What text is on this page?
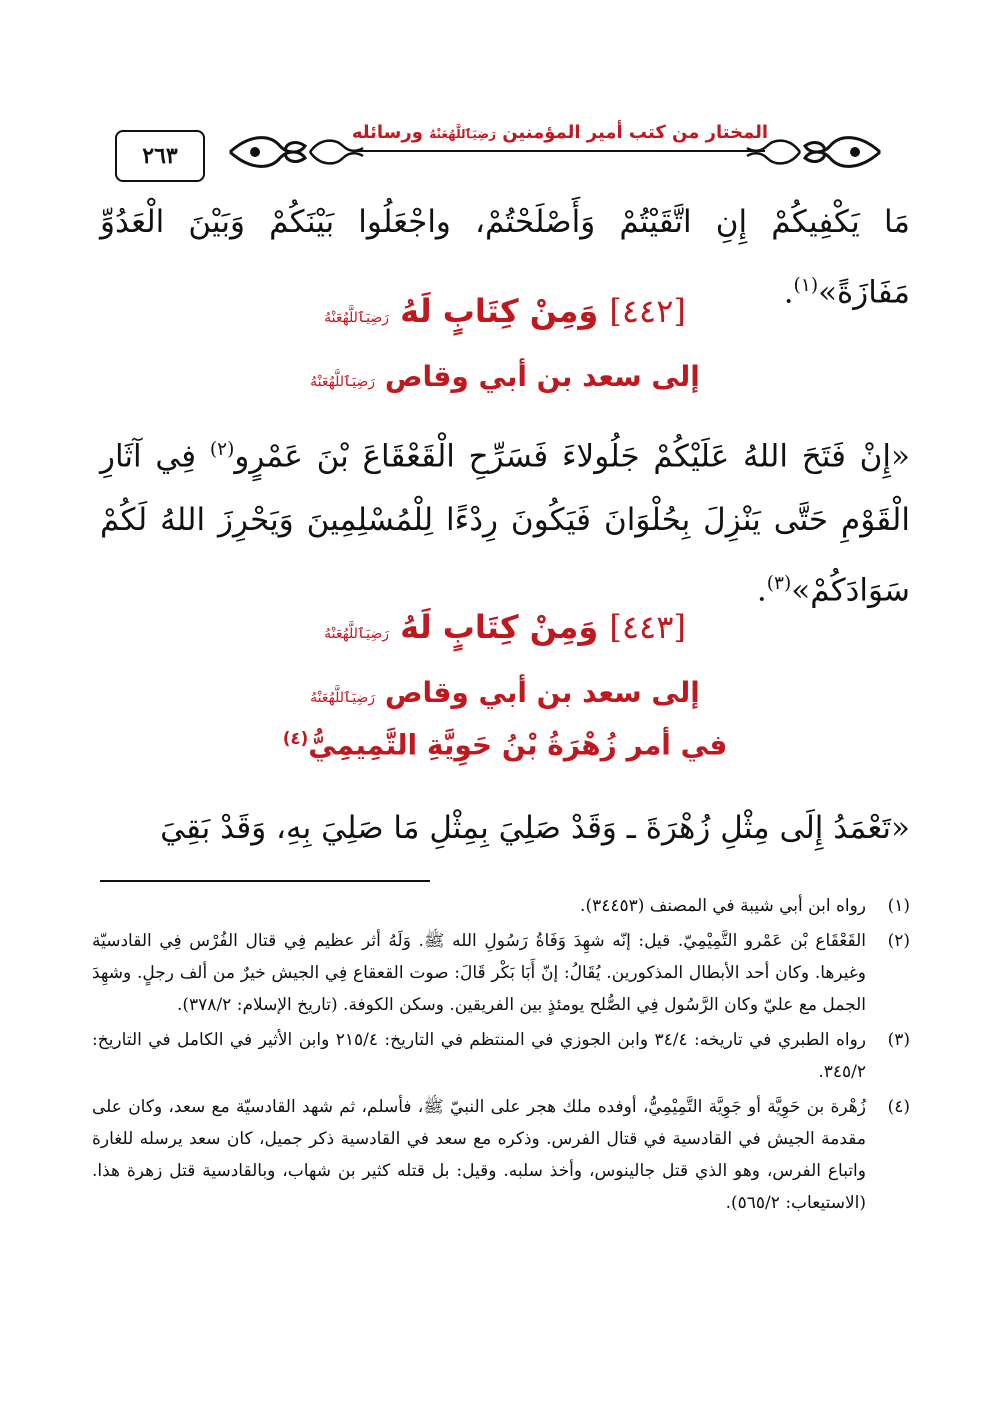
٢٦٣
المختار من كتب أمير المؤمنين رَضِيَٱللَّهُعَنْهُ ورسائله
مَا يَكْفِيكُمْ إِنِ اتَّقَيْتُمْ وَأَصْلَحْتُمْ، واجْعَلُوا بَيْنَكُمْ وَبَيْنَ الْعَدُوِّ مَفَازَةً»$^{(١)}$.
[٤٤٢] وَمِنْ كِتَابٍ لَهُ رَضِيَٱللَّهُعَنْهُ
إلى سعد بن أبي وقاص رَضِيَٱللَّهُعَنْهُ
«إِنْ فَتَحَ اللهُ عَلَيْكُمْ جَلُولاءَ فَسَرِّحِ الْقَعْقَاعَ بْنَ عَمْرٍو$^{(٢)}$ فِي آثَارِ الْقَوْمِ حَتَّى يَنْزِلَ بِحُلْوَانَ فَيَكُونَ رِدْءًا لِلْمُسْلِمِينَ وَيَحْرِزَ اللهُ لَكُمْ سَوَادَكُمْ»$^{(٣)}$.
[٤٤٣] وَمِنْ كِتَابٍ لَهُ رَضِيَٱللَّهُعَنْهُ
إلى سعد بن أبي وقاص رَضِيَٱللَّهُعَنْهُ
في أمر زُهْرَةُ بْنُ حَوِيَّةِ التَّمِيمِيُّ$^{(٤)}$
«تَعْمَدُ إِلَى مِثْلِ زُهْرَةَ ـ وَقَدْ صَلِيَ بِمِثْلِ مَا صَلِيَ بِهِ، وَقَدْ بَقِيَ
(١)
رواه ابن أبي شيبة في المصنف (٣٤٤٥٣).
(٢)
القَعْقَاع بْن عَمْرو التَّمِيْمِيّ. قيل: إنّه شهِدَ وَفَاةُ رَسُولِ الله ﷺ. وَلَهُ أثر عظيم فِي قتال الفُرْس فِي القادسيّة وغيرها. وكان أحد الأبطال المذكورين. يُقَالُ: إنّ أَبَا بَكْر قَالَ: صوت القعقاع فِي الجيش خيرٌ من ألف رجلٍ. وشهِدَ الجمل مع عليّ وكان الرَّسُول فِي الصُّلح يومئذٍ بين الفريقين. وسكن الكوفة. (تاريخ الإسلام: ٣٧٨/٢).
(٣)
رواه الطبري في تاريخه: ٣٤/٤ وابن الجوزي في المنتظم في التاريخ: ٢١٥/٤ وابن الأثير في الكامل في التاريخ: ٣٤٥/٢.
(٤)
زُهْرة بن حَوِيَّة أو جَوِيَّة التَّمِيْمِيُّ، أوفده ملك هجر على النبيّ ﷺ، فأسلم، ثم شهد القادسيّة مع سعد، وكان على مقدمة الجيش في القادسية في قتال الفرس. وذكره مع سعد في القادسية ذكر جميل، كان سعد يرسله للغارة واتباع الفرس، وهو الذي قتل جالينوس، وأخذ سلبه. وقيل: بل قتله كثير بن شهاب، وبالقادسية قتل زهرة هذا. (الاستيعاب: ٥٦٥/٢).
